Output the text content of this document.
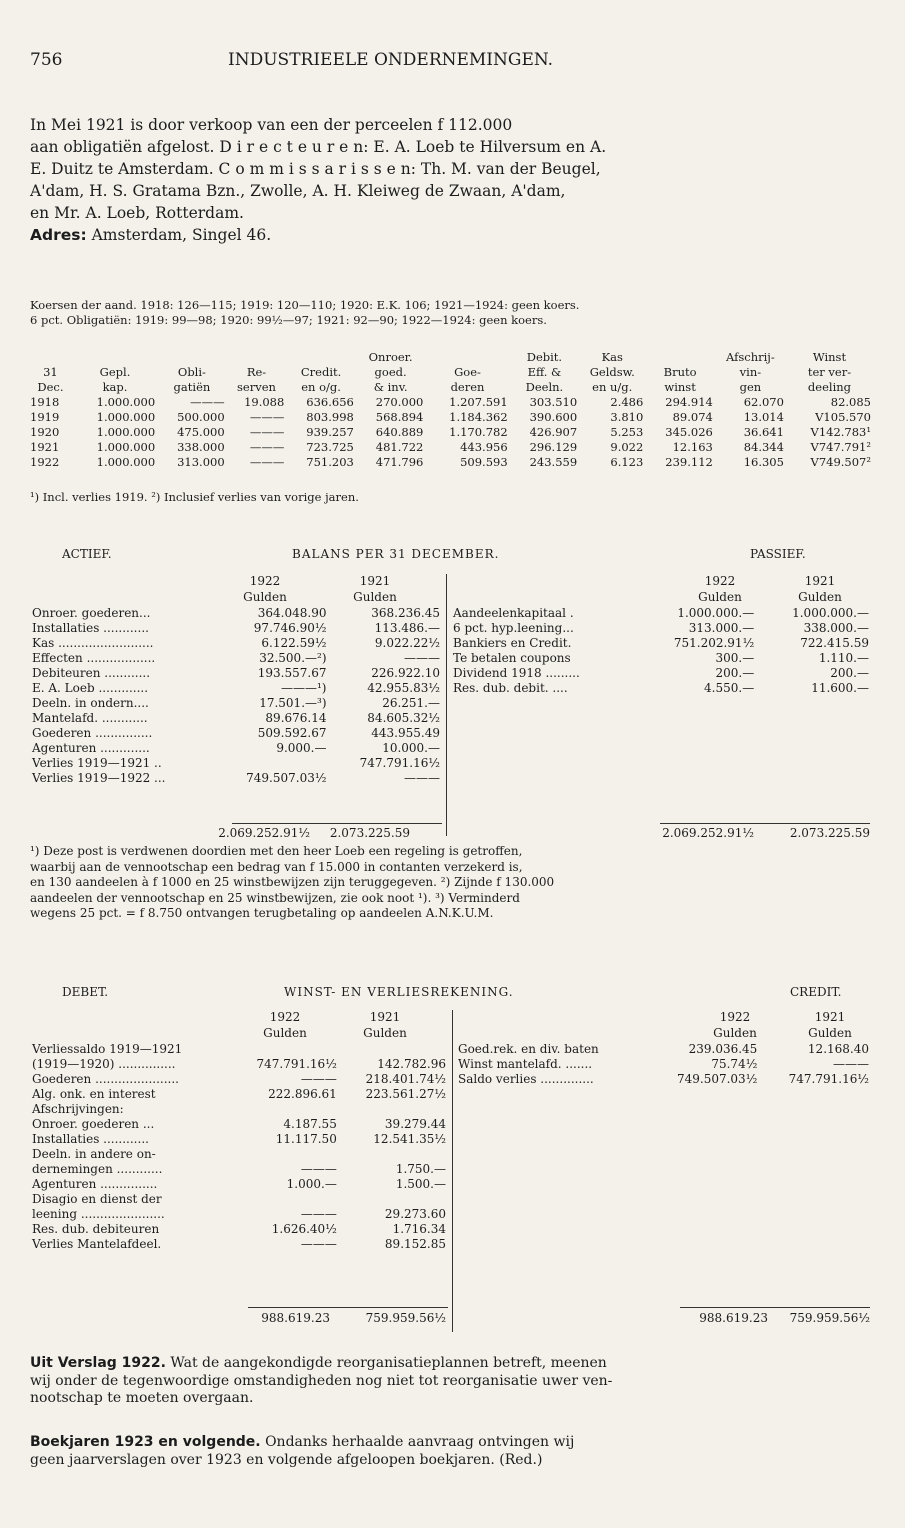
756	INDUSTRIEELE ONDERNEMINGEN.
In Mei 1921 is door verkoop van een der perceelen f 112.000
aan obligatiën afgelost. D i r e c t e u r e n: E. A. Loeb te Hilversum en A.
E. Duitz te Amsterdam. C o m m i s s a r i s s e n: Th. M. van der Beugel,
A'dam, H. S. Gratama Bzn., Zwolle, A. H. Kleiweg de Zwaan, A'dam,
en Mr. A. Loeb, Rotterdam.
Adres: Amsterdam, Singel 46.
Koersen der aand. 1918: 126—115; 1919: 120—110; 1920: E.K. 106; 1921—1924: geen koers.
6 pct. Obligatiën: 1919: 99—98; 1920: 99½—97; 1921: 92—90; 1922—1924: geen koers.
					Onroer.		Debit.	Kas		Afschrij-	Winst
31	Gepl.	Obli-	Re-	Credit.	goed.	Goe-	Eff. &	Geldsw.	Bruto	vin-	ter ver-
Dec.	kap.	gatiën	serven	en o/g.	& inv.	deren	Deeln.	en u/g.	winst	gen	deeling
1918	1.000.000	———	19.088	636.656	270.000	1.207.591	303.510	2.486	294.914	62.070	82.085
1919	1.000.000	500.000	———	803.998	568.894	1.184.362	390.600	3.810	89.074	13.014	V105.570
1920	1.000.000	475.000	———	939.257	640.889	1.170.782	426.907	5.253	345.026	36.641	V142.783¹
1921	1.000.000	338.000	———	723.725	481.722	443.956	296.129	9.022	12.163	84.344	V747.791²
1922	1.000.000	313.000	———	751.203	471.796	509.593	243.559	6.123	239.112	16.305	V749.507²
¹) Incl. verlies 1919. ²) Inclusief verlies van vorige jaren.
ACTIEF.	BALANS PER 31 DECEMBER.	PASSIEF.
1922	1921
Gulden	Gulden
1922	1921
Gulden	Gulden
Onroer. goederen...	364.048.90	368.236.45
Installaties ............	97.746.90½	113.486.—
Kas .........................	6.122.59½	9.022.22½
Effecten ..................	32.500.—²)	———
Debiteuren ............	193.557.67	226.922.10
E. A. Loeb .............	———¹)	42.955.83½
Deeln. in ondern....	17.501.—³)	26.251.—
Mantelafd. ............	89.676.14	84.605.32½
Goederen ...............	509.592.67	443.955.49
Agenturen .............	9.000.—	10.000.—
Verlies 1919—1921 ..		747.791.16½
Verlies 1919—1922 ...	749.507.03½	———
Aandeelenkapitaal .	1.000.000.—	1.000.000.—
6 pct. hyp.leening...	313.000.—	338.000.—
Bankiers en Credit.	751.202.91½	722.415.59
Te betalen coupons	300.—	1.110.—
Dividend 1918 .........	200.—	200.—
Res. dub. debit. ....	4.550.—	11.600.—
2.069.252.91½	2.073.225.59	2.069.252.91½	2.073.225.59
¹) Deze post is verdwenen doordien met den heer Loeb een regeling is getroffen,
waarbij aan de vennootschap een bedrag van f 15.000 in contanten verzekerd is,
en 130 aandeelen à f 1000 en 25 winstbewijzen zijn teruggegeven. ²) Zijnde f 130.000
aandeelen der vennootschap en 25 winstbewijzen, zie ook noot ¹). ³) Verminderd
wegens 25 pct. = f 8.750 ontvangen terugbetaling op aandeelen A.N.K.U.M.
DEBET.	WINST- EN VERLIESREKENING.	CREDIT.
1922	1921
Gulden	Gulden
1922	1921
Gulden	Gulden
Verliessaldo 1919—1921		
(1919—1920) ...............	747.791.16½	142.782.96
Goederen ......................	———	218.401.74½
Alg. onk. en interest	222.896.61	223.561.27½
Afschrijvingen:		
Onroer. goederen ...	4.187.55	39.279.44
Installaties ............	11.117.50	12.541.35½
Deeln. in andere on-		
dernemingen ............	———	1.750.—
Agenturen ...............	1.000.—	1.500.—
Disagio en dienst der		
leening ......................	———	29.273.60
Res. dub. debiteuren	1.626.40½	1.716.34
Verlies Mantelafdeel.	———	89.152.85
Goed.rek. en div. baten	239.036.45	12.168.40
Winst mantelafd. .......	75.74½	———
Saldo verlies ..............	749.507.03½	747.791.16½
988.619.23	759.959.56½	988.619.23	759.959.56½
Uit Verslag 1922. Wat de aangekondigde reorganisatieplannen betreft, meenen
wij onder de tegenwoordige omstandigheden nog niet tot reorganisatie uwer ven-
nootschap te moeten overgaan.
Boekjaren 1923 en volgende. Ondanks herhaalde aanvraag ontvingen wij
geen jaarverslagen over 1923 en volgende afgeloopen boekjaren. (Red.)
